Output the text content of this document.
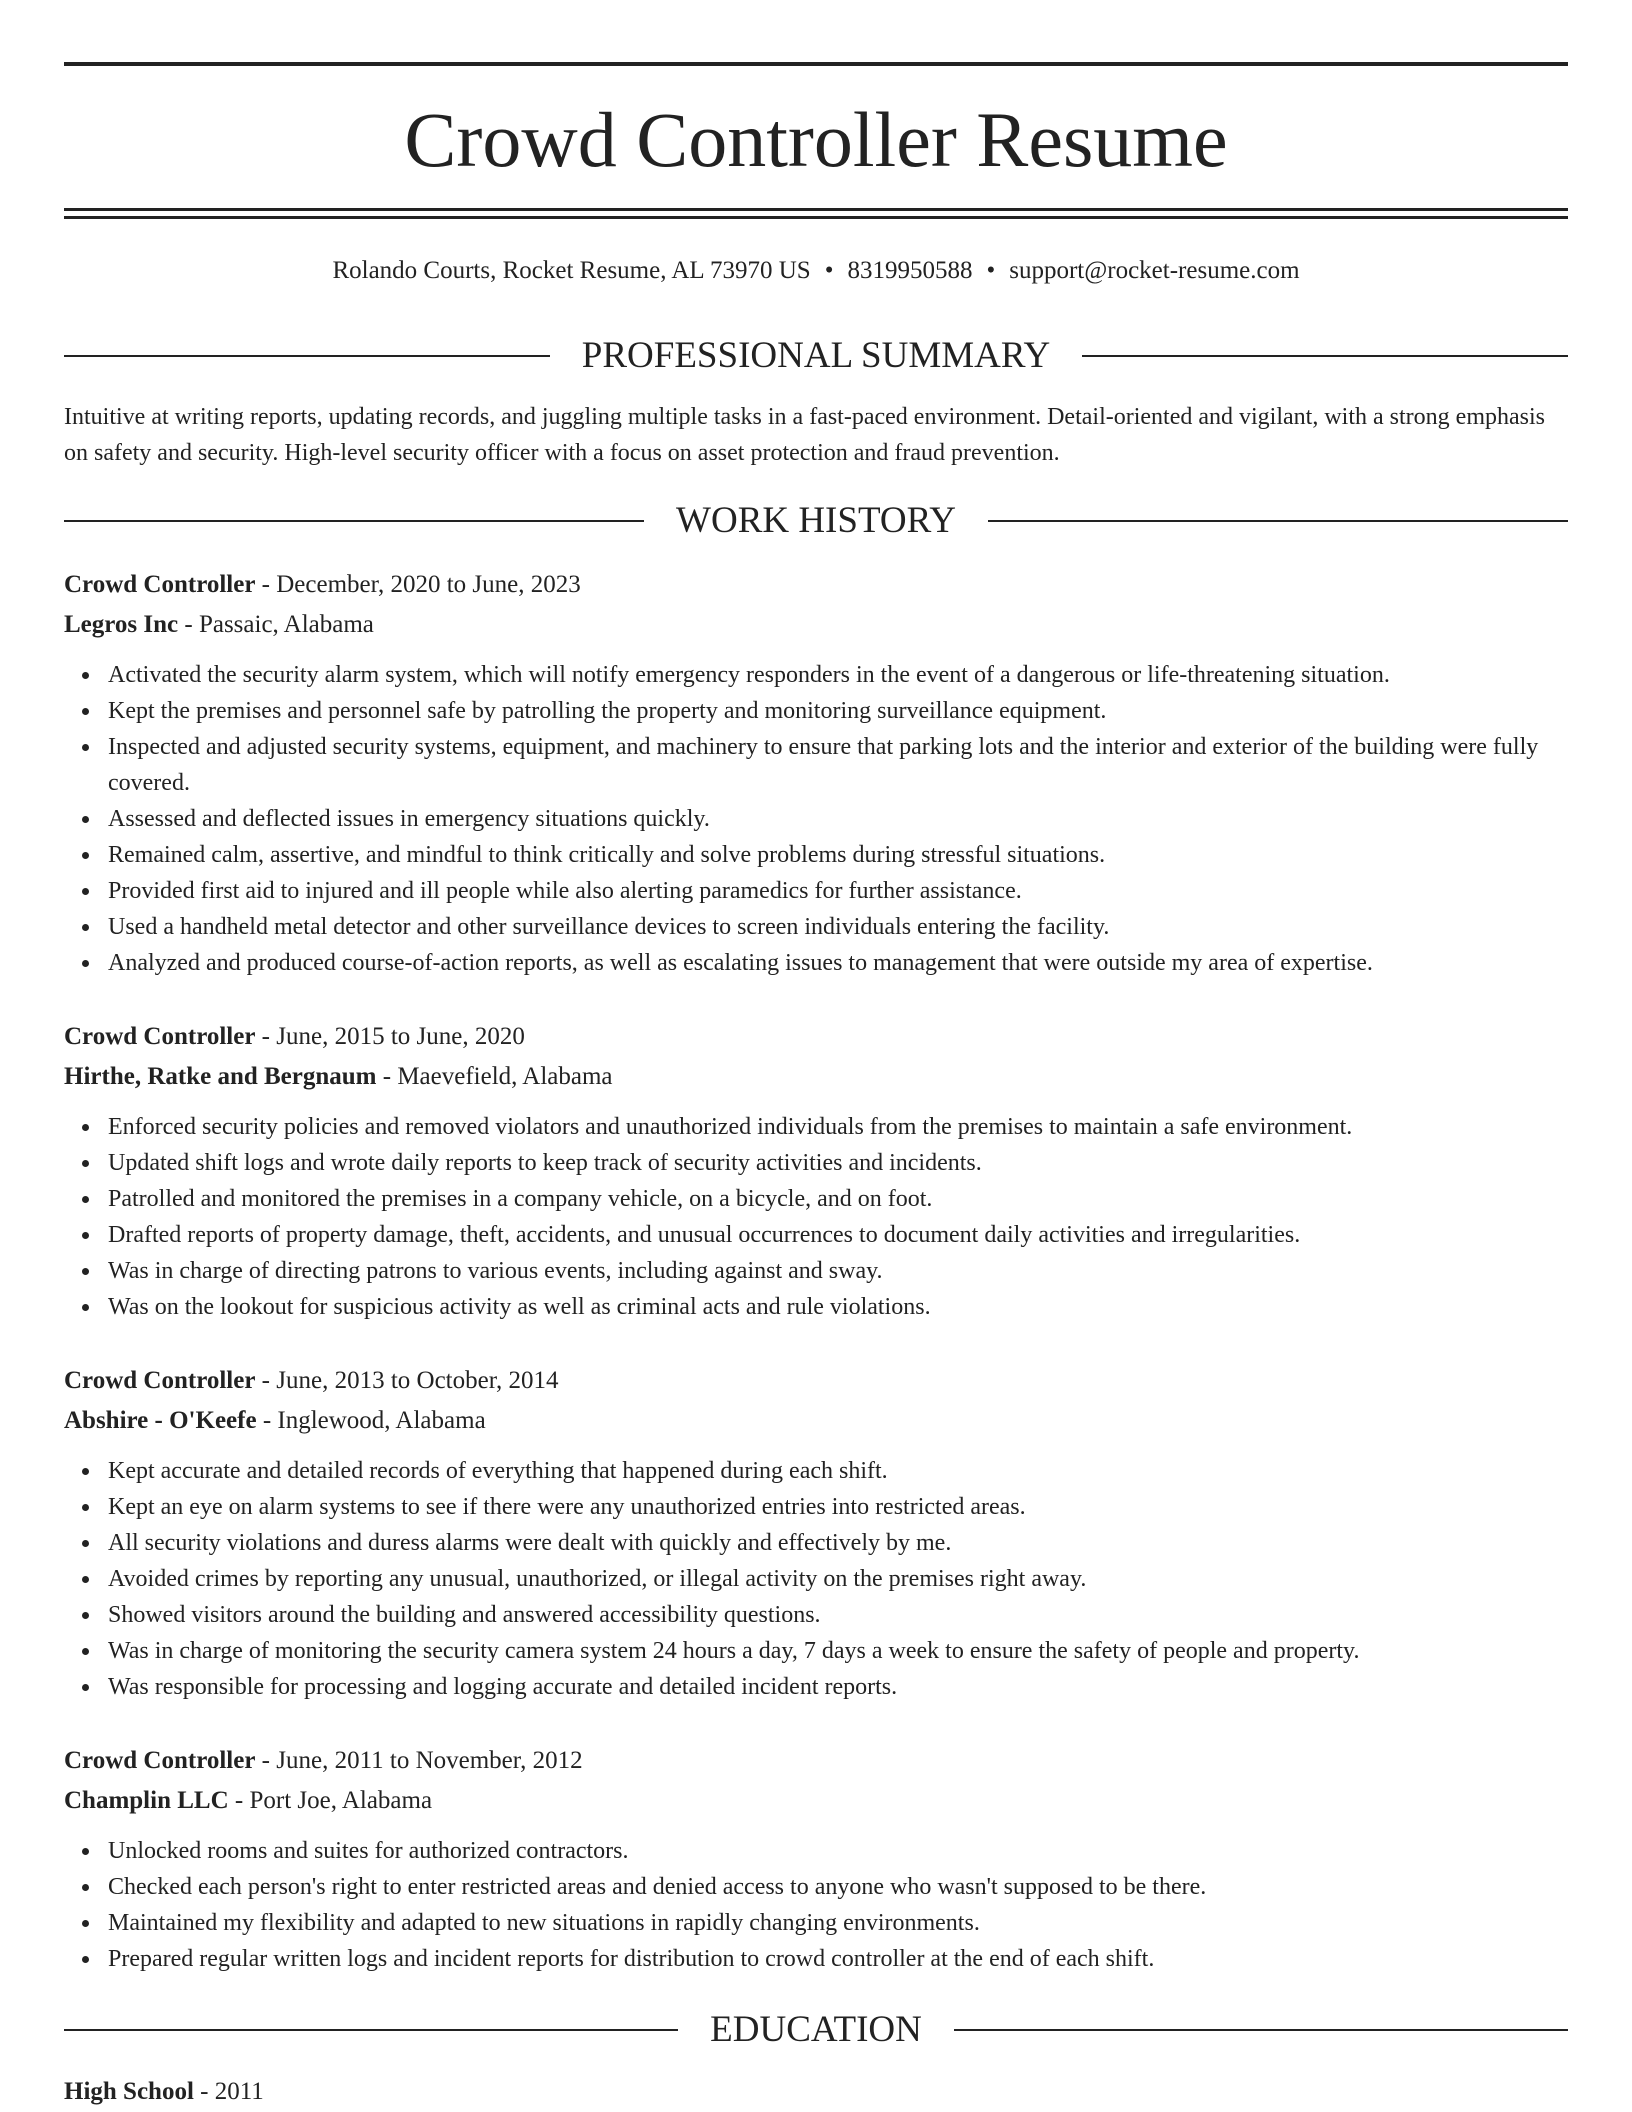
Crowd Controller Resume
Rolando Courts, Rocket Resume, AL 73970 US • 8319950588 • support@rocket-resume.com
PROFESSIONAL SUMMARY
Intuitive at writing reports, updating records, and juggling multiple tasks in a fast-paced environment. Detail-oriented and vigilant, with a strong emphasis on safety and security. High-level security officer with a focus on asset protection and fraud prevention.
WORK HISTORY
Crowd Controller - December, 2020 to June, 2023
Legros Inc - Passaic, Alabama
Activated the security alarm system, which will notify emergency responders in the event of a dangerous or life-threatening situation.
Kept the premises and personnel safe by patrolling the property and monitoring surveillance equipment.
Inspected and adjusted security systems, equipment, and machinery to ensure that parking lots and the interior and exterior of the building were fully covered.
Assessed and deflected issues in emergency situations quickly.
Remained calm, assertive, and mindful to think critically and solve problems during stressful situations.
Provided first aid to injured and ill people while also alerting paramedics for further assistance.
Used a handheld metal detector and other surveillance devices to screen individuals entering the facility.
Analyzed and produced course-of-action reports, as well as escalating issues to management that were outside my area of expertise.
Crowd Controller - June, 2015 to June, 2020
Hirthe, Ratke and Bergnaum - Maevefield, Alabama
Enforced security policies and removed violators and unauthorized individuals from the premises to maintain a safe environment.
Updated shift logs and wrote daily reports to keep track of security activities and incidents.
Patrolled and monitored the premises in a company vehicle, on a bicycle, and on foot.
Drafted reports of property damage, theft, accidents, and unusual occurrences to document daily activities and irregularities.
Was in charge of directing patrons to various events, including against and sway.
Was on the lookout for suspicious activity as well as criminal acts and rule violations.
Crowd Controller - June, 2013 to October, 2014
Abshire - O'Keefe - Inglewood, Alabama
Kept accurate and detailed records of everything that happened during each shift.
Kept an eye on alarm systems to see if there were any unauthorized entries into restricted areas.
All security violations and duress alarms were dealt with quickly and effectively by me.
Avoided crimes by reporting any unusual, unauthorized, or illegal activity on the premises right away.
Showed visitors around the building and answered accessibility questions.
Was in charge of monitoring the security camera system 24 hours a day, 7 days a week to ensure the safety of people and property.
Was responsible for processing and logging accurate and detailed incident reports.
Crowd Controller - June, 2011 to November, 2012
Champlin LLC - Port Joe, Alabama
Unlocked rooms and suites for authorized contractors.
Checked each person's right to enter restricted areas and denied access to anyone who wasn't supposed to be there.
Maintained my flexibility and adapted to new situations in rapidly changing environments.
Prepared regular written logs and incident reports for distribution to crowd controller at the end of each shift.
EDUCATION
High School - 2011
